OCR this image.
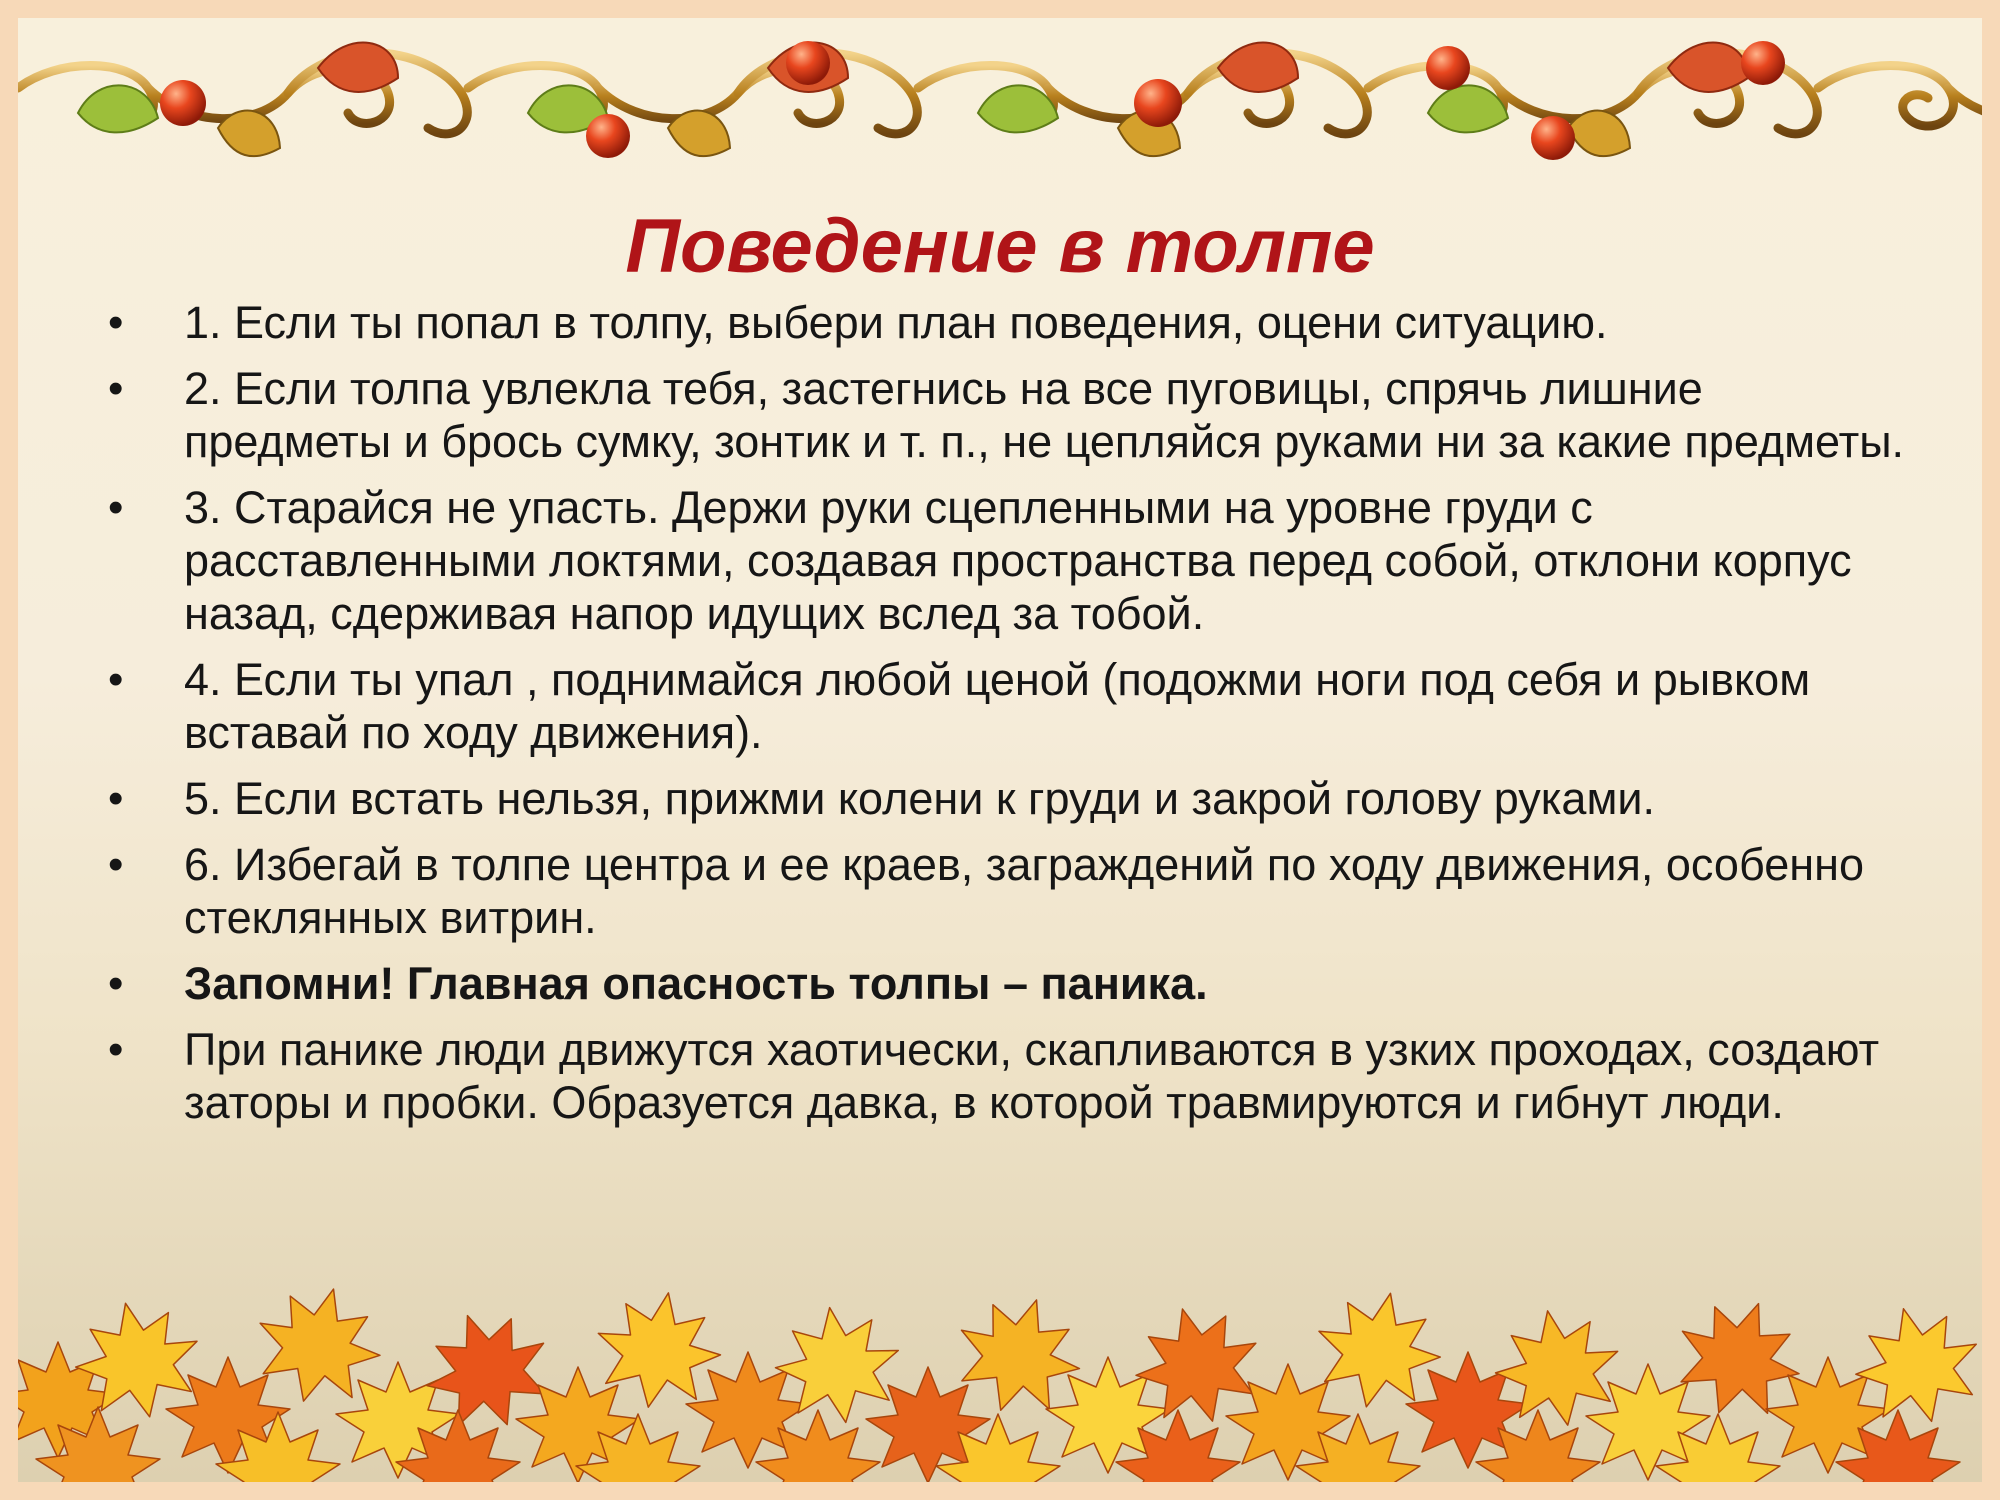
Поведение в толпе
• 1. Если ты попал в толпу, выбери план поведения, оцени ситуацию.
• 2. Если толпа увлекла тебя, застегнись на все пуговицы, спрячь лишние предметы и брось сумку, зонтик и т. п., не цепляйся руками ни за какие предметы.
• 3. Старайся не упасть. Держи руки сцепленными на уровне груди с расставленными локтями, создавая пространства перед собой, отклони корпус назад, сдерживая напор идущих вслед за тобой.
• 4. Если ты упал , поднимайся любой ценой (подожми ноги под себя и рывком вставай по ходу движения).
• 5. Если встать нельзя, прижми колени к груди и закрой голову руками.
• 6. Избегай в толпе центра и ее краев, заграждений по ходу движения, особенно стеклянных витрин.
• Запомни! Главная опасность толпы – паника.
• При панике люди движутся хаотически, скапливаются в узких проходах, создают заторы и пробки. Образуется давка, в которой травмируются и гибнут люди.
